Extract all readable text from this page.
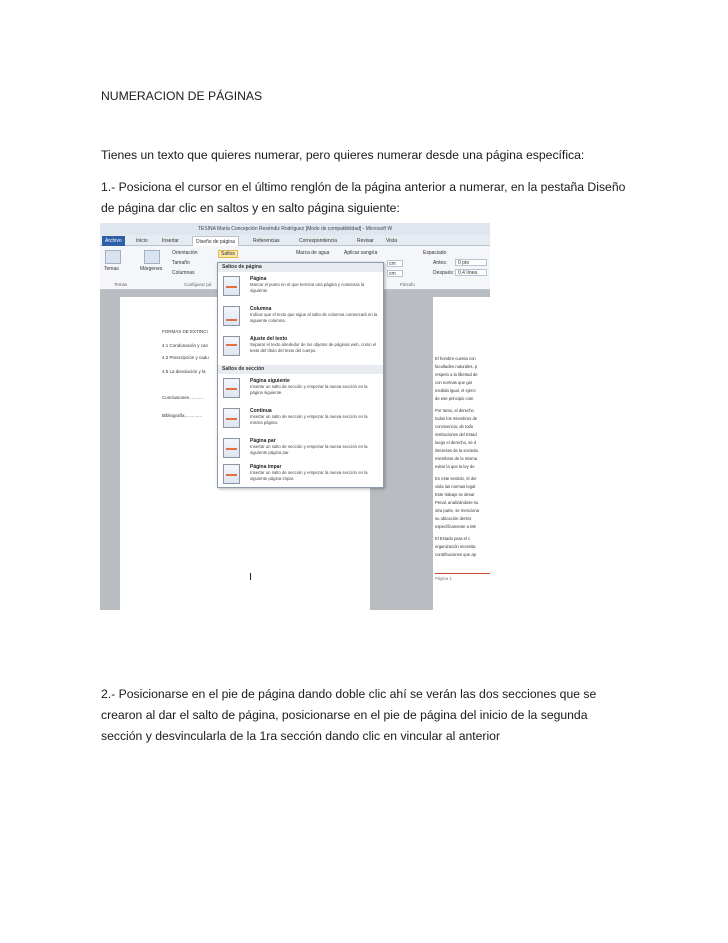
NUMERACION DE PÁGINAS

Tienes un texto que quieres numerar, pero quieres numerar desde una página específica:

1.- Posiciona el cursor en el último renglón de la página anterior a numerar, en la pestaña Diseño de página dar clic en saltos y en salto página siguiente:

TESINA María Concepción Reséndiz Rodríguez [Modo de compatibilidad] - Microsoft W
Archivo	Inicio	Insertar	Diseño de página	Referencias	Correspondencia	Revisar	Vista
Temas	Márgenes
Orientación
Tamaño
Columnas
Saltos	Marca de agua	Aplicar sangría
cm
cm
Espaciado
Antes: 0 pto
Después: 0,4 línea
Temas	Configurar pá	Párrafo
FORMAS DE EXTINCI
4.1 Condonación y can
4.2 Prescripción y cadu
4.5 La devolución y la
Conclusiones............
Bibliografía..............
El hombre cuenta con
facultades naturales, p
respeto a la libertad de
con normas que gar
medida igual, el ejerci
de ese principio com
Por tanto, el derecho
todos los miembros de
convivencia; de todo
instituciones del Estad
luego el derecho, se d
intereses de la socieda
miembros de la misma
evitar la que la ley de
En este sentido, el der
viola las normas legal
Este trabajo se desar
Penal, analizándose su
otra parte, se menciona
su ubicación dentro
específicamente a Mé
El Estado para el c
organización necesita
contribuciones que ap
Página 1
Saltos de página
Página
Marcar el punto en el que termina una página y comienza la siguiente.
Columna
Indicar que el texto que sigue al salto de columna comenzará en la siguiente columna.
Ajuste del texto
Separar el texto alrededor de los objetos de páginas web, como el texto del título del texto del cuerpo.
Saltos de sección
Página siguiente
Insertar un salto de sección y empezar la nueva sección en la página siguiente.
Continua
Insertar un salto de sección y empezar la nueva sección en la misma página.
Página par
Insertar un salto de sección y empezar la nueva sección en la siguiente página par.
Página impar
Insertar un salto de sección y empezar la nueva sección en la siguiente página impar.

2.- Posicionarse en el pie de página dando doble clic ahí se verán las dos secciones que se crearon al dar el salto de página, posicionarse en el pie de página del inicio de la segunda sección y desvincularla de la 1ra sección dando clic en vincular al anterior
